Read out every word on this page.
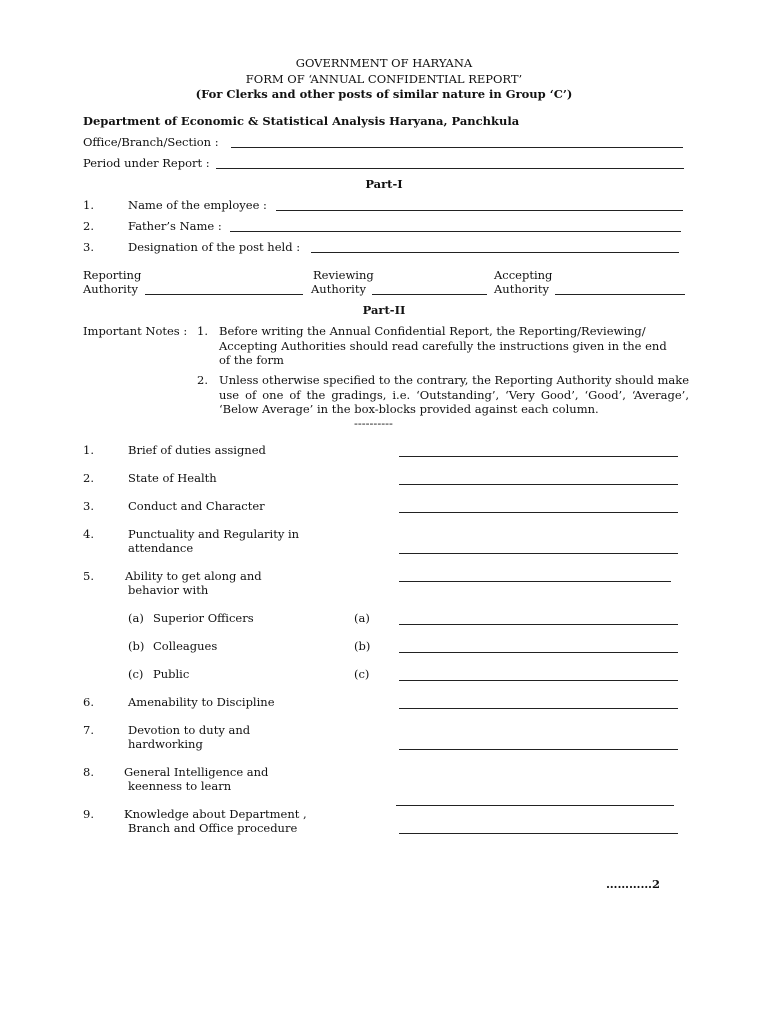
GOVERNMENT OF HARYANA
FORM OF ‘ANNUAL CONFIDENTIAL REPORT’
(For Clerks and other posts of similar nature in Group ‘C’)
Department of Economic & Statistical Analysis Haryana, Panchkula
Office/Branch/Section :
Period under Report :
Part-I
1.	Name of the employee :
2.	Father’s Name :
3.	Designation of the post held :
Reporting
Authority
Reviewing
Authority
Accepting
Authority
Part-II
Important Notes : 1. Before writing the Annual Confidential Report, the Reporting/Reviewing/ Accepting Authorities should read carefully the instructions given in the end of the form
2. Unless otherwise specified to the contrary, the Reporting Authority should make use of one of the gradings, i.e. ‘Outstanding’, ‘Very Good’, ‘Good’, ‘Average’, ‘Below Average’ in the box-blocks provided against each column.
----------
1.	Brief of duties assigned
2.	State of Health
3.	Conduct and Character
4.	Punctuality and Regularity in
attendance
5.	Ability to get along and
behavior with
(a) Superior Officers	(a)
(b) Colleagues	(b)
(c) Public	(c)
6.	Amenability to Discipline
7.	Devotion to duty and
hardworking
8.	General Intelligence and
keenness to learn
9.	Knowledge about Department ,
Branch and Office procedure
…………2
